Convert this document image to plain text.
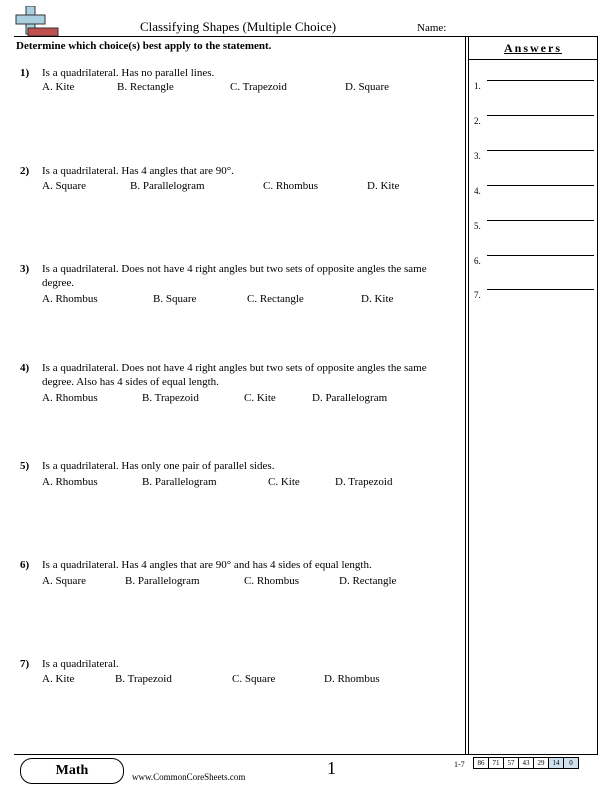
Classifying Shapes (Multiple Choice)	Name:
Determine which choice(s) best apply to the statement.	Answers
1.
2.
3.
4.
5.
6.
7.
1) Is a quadrilateral. Has no parallel lines.
A. Kite	B. Rectangle	C. Trapezoid	D. Square
2) Is a quadrilateral. Has 4 angles that are 90°.
A. Square	B. Parallelogram	C. Rhombus	D. Kite
3) Is a quadrilateral. Does not have 4 right angles but two sets of opposite angles the same degree.
A. Rhombus	B. Square	C. Rectangle	D. Kite
4) Is a quadrilateral. Does not have 4 right angles but two sets of opposite angles the same degree. Also has 4 sides of equal length.
A. Rhombus	B. Trapezoid	C. Kite	D. Parallelogram
5) Is a quadrilateral. Has only one pair of parallel sides.
A. Rhombus	B. Parallelogram	C. Kite	D. Trapezoid
6) Is a quadrilateral. Has 4 angles that are 90° and has 4 sides of equal length.
A. Square	B. Parallelogram	C. Rhombus	D. Rectangle
7) Is a quadrilateral.
A. Kite	B. Trapezoid	C. Square	D. Rhombus
Math	www.CommonCoreSheets.com	1	1-7	86	71	57	43	29	14	0
